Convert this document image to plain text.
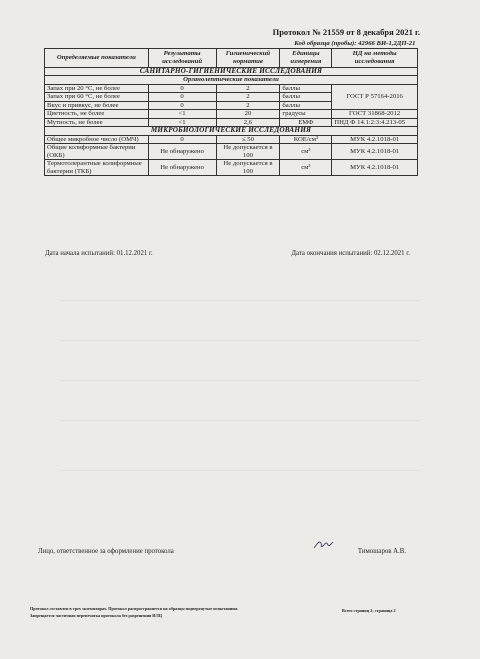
Протокол № 21559 от 8 декабря 2021 г.
Код образца (пробы): 42966 ВИ-1,2ДП-21				
Определяемые показатели	Результаты исследований	Гигиенический норматив	Единицы измерения	НД на методы исследования
САНИТАРНО-ГИГИЕНИЧЕСКИЕ ИССЛЕДОВАНИЯ				
Органолептические показатели				
Запах при 20 °С, не более	0	2	баллы	ГОСТ Р 57164-2016
Запах при 60 °С, не более	0	2	баллы	
Вкус и привкус, не более	0	2	баллы	
Цветность, не более	<1	20	градусы	ГОСТ 31868-2012
Мутность, не более	<1	2,6	ЕМФ	ПНД Ф 14.1:2:3:4.213-05
МИКРОБИОЛОГИЧЕСКИЕ ИССЛЕДОВАНИЯ				
Общее микробное число (ОМЧ)	0	≤ 50	КОЕ/см³	МУК 4.2.1018-01
Общие колиформные бактерии (ОКБ)	Не обнаружено	Не допускается в 100	см³	МУК 4.2.1018-01
Термотолерантные колиформные бактерии (ТКБ)	Не обнаружено	Не допускается в 100	см³	МУК 4.2.1018-01
Дата начала испытаний: 01.12.2021 г.	Дата окончания испытаний: 02.12.2021 г.
Лицо, ответственное за оформление протокола	Тимошаров А.В.
Протокол составлен в трех экземплярах. Протокол распространяется на образцы подвергнутые испытаниям.
Запрещается частичная перепечатка протокола без разрешения ИЛЦ
Всего страниц 2; страница 2
